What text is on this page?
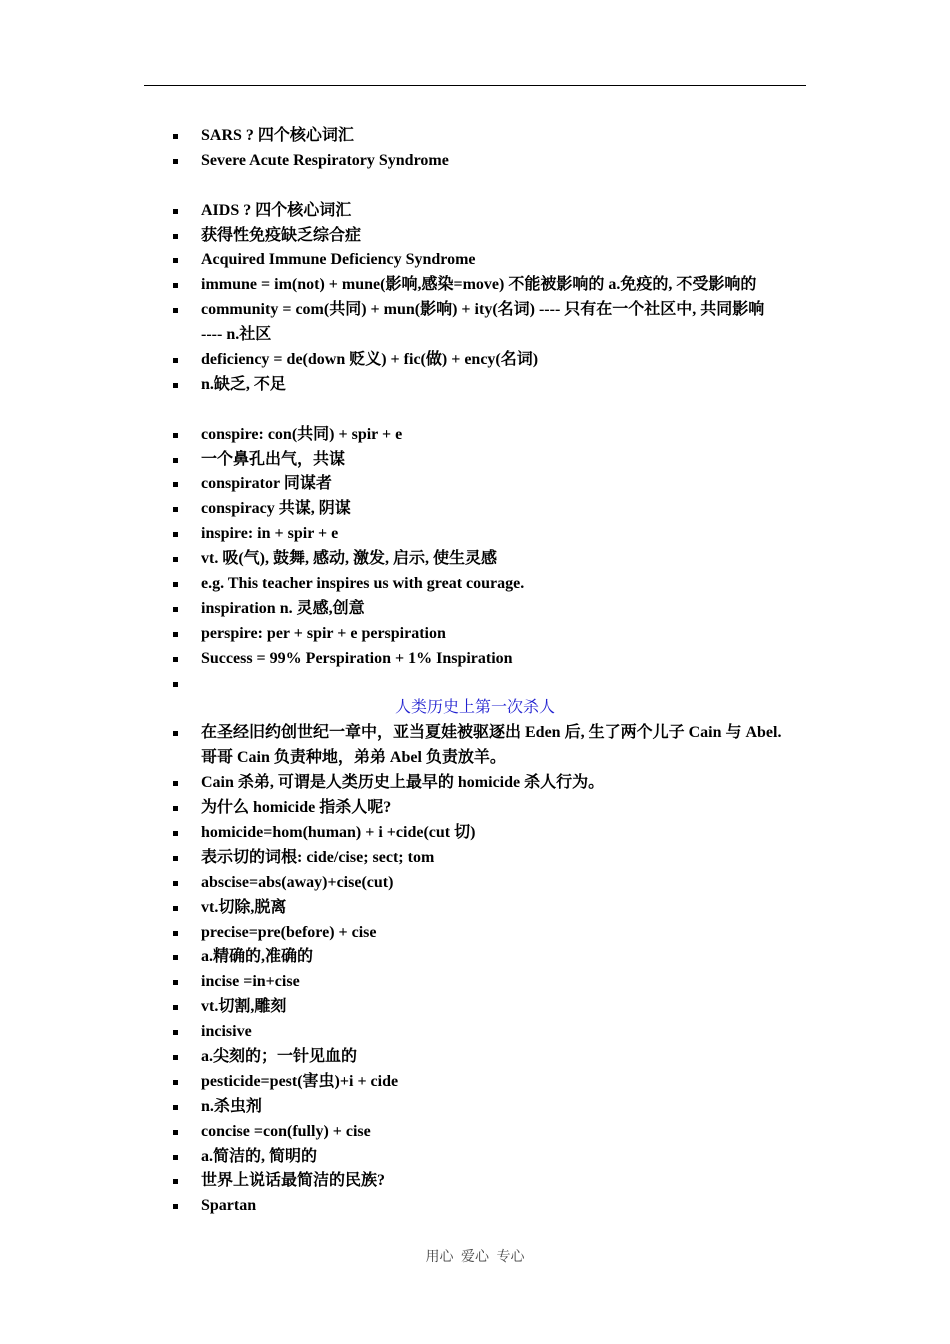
SARS ? 四个核心词汇
Severe Acute Respiratory Syndrome
AIDS ? 四个核心词汇
获得性免疫缺乏综合症
Acquired Immune Deficiency Syndrome
immune = im(not) + mune(影响,感染=move) 不能被影响的 a.免疫的, 不受影响的
community = com(共同) + mun(影响) + ity(名词) ---- 只有在一个社区中, 共同影响
---- n.社区
deficiency = de(down 贬义) + fic(做) + ency(名词)
n.缺乏, 不足
conspire: con(共同) + spir + e
一个鼻孔出气，共谋
conspirator 同谋者
conspiracy 共谋, 阴谋
inspire: in + spir + e
vt. 吸(气), 鼓舞, 感动, 激发, 启示, 使生灵感
e.g. This teacher inspires us with great courage.
inspiration n. 灵感,创意
perspire: per + spir + e perspiration
Success = 99% Perspiration + 1% Inspiration
人类历史上第一次杀人
在圣经旧约创世纪一章中，亚当夏娃被驱逐出 Eden 后, 生了两个儿子 Cain 与 Abel.
哥哥 Cain 负责种地，弟弟 Abel 负责放羊。
Cain 杀弟, 可谓是人类历史上最早的 homicide 杀人行为。
为什么 homicide 指杀人呢?
homicide=hom(human) + i +cide(cut 切)
表示切的词根: cide/cise; sect; tom
abscise=abs(away)+cise(cut)
vt.切除,脱离
precise=pre(before) + cise
a.精确的,准确的
incise =in+cise
vt.切割,雕刻
incisive
a.尖刻的；一针见血的
pesticide=pest(害虫)+i + cide
n.杀虫剂
concise =con(fully) + cise
a.简洁的, 简明的
世界上说话最简洁的民族?
Spartan
用心 爱心 专心
